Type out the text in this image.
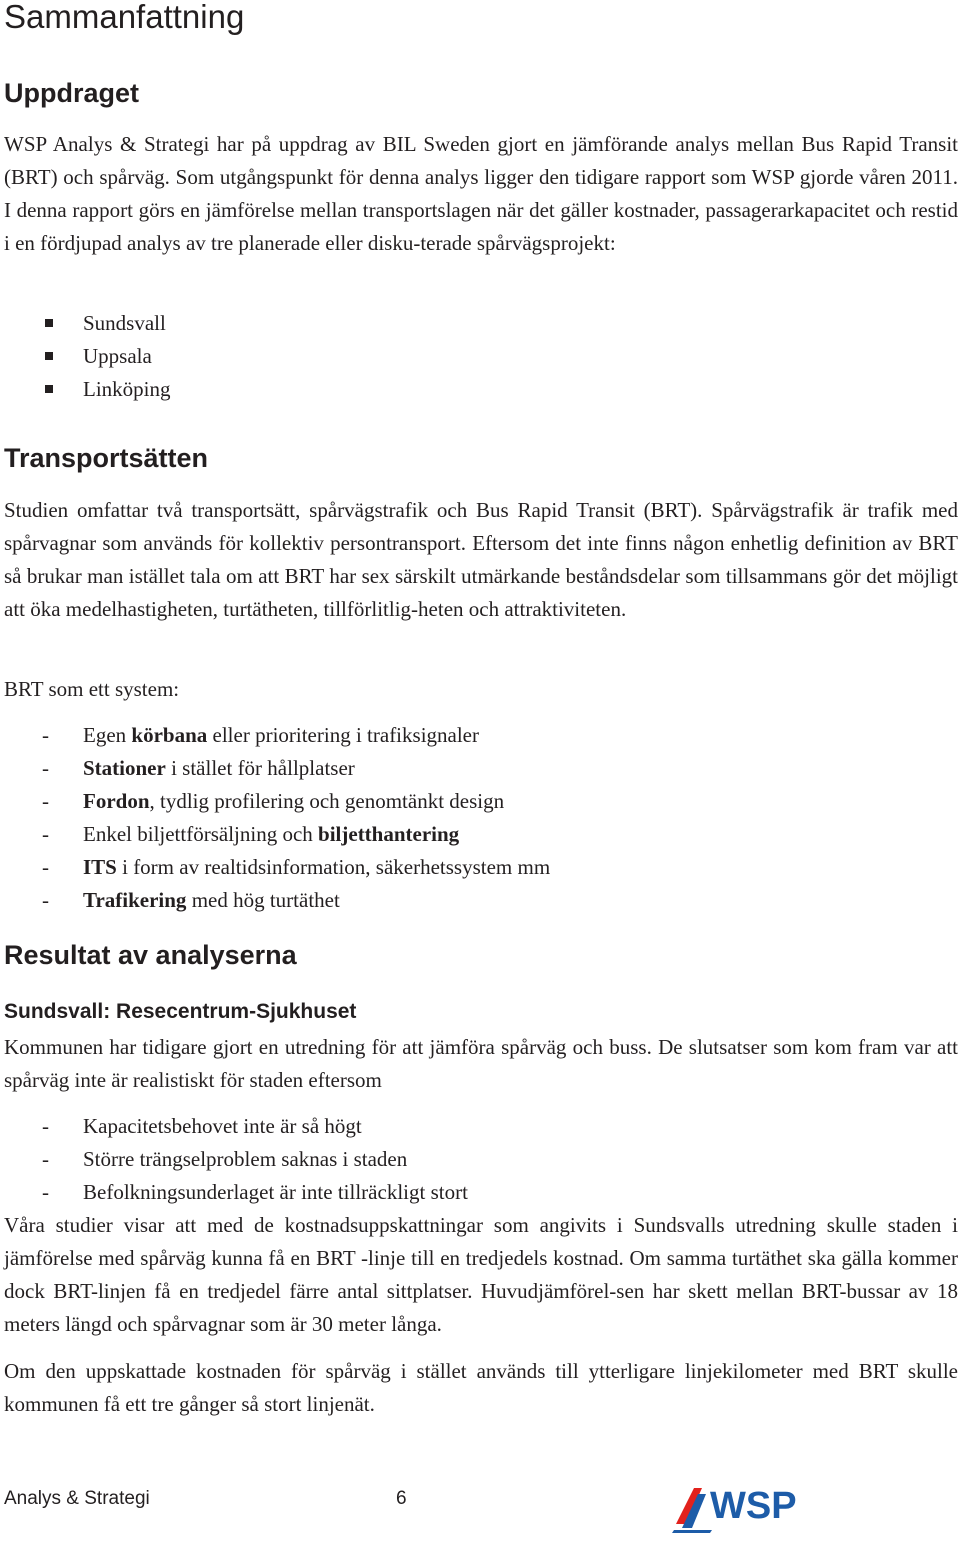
Sammanfattning
Uppdraget

WSP Analys & Strategi har på uppdrag av BIL Sweden gjort en jämförande analys mellan Bus Rapid Transit (BRT) och spårväg. Som utgångspunkt för denna analys ligger den tidigare rapport som WSP gjorde våren 2011. I denna rapport görs en jämförelse mellan transportslagen när det gäller kostnader, passagerarkapacitet och restid i en fördjupad analys av tre planerade eller disku-terade spårvägsprojekt:

Sundsvall
Uppsala
Linköping
Transportsätten

Studien omfattar två transportsätt, spårvägstrafik och Bus Rapid Transit (BRT). Spårvägstrafik är trafik med spårvagnar som används för kollektiv persontransport. Eftersom det inte finns någon enhetlig definition av BRT så brukar man istället tala om att BRT har sex särskilt utmärkande beståndsdelar som tillsammans gör det möjligt att öka medelhastigheten, turtätheten, tillförlitlig-heten och attraktiviteten.

BRT som ett system:

- Egen körbana eller prioritering i trafiksignaler
- Stationer i stället för hållplatser
- Fordon, tydlig profilering och genomtänkt design
- Enkel biljettförsäljning och biljetthantering
- ITS i form av realtidsinformation, säkerhetssystem mm
- Trafikering med hög turtäthet
Resultat av analyserna
Sundsvall: Resecentrum-Sjukhuset

Kommunen har tidigare gjort en utredning för att jämföra spårväg och buss. De slutsatser som kom fram var att spårväg inte är realistiskt för staden eftersom

- Kapacitetsbehovet inte är så högt
- Större trängselproblem saknas i staden
- Befolkningsunderlaget är inte tillräckligt stort

Våra studier visar att med de kostnadsuppskattningar som angivits i Sundsvalls utredning skulle staden i jämförelse med spårväg kunna få en BRT -linje till en tredjedels kostnad. Om samma turtäthet ska gälla kommer dock BRT-linjen få en tredjedel färre antal sittplatser. Huvudjämförel-sen har skett mellan BRT-bussar av 18 meters längd och spårvagnar som är 30 meter långa.

Om den uppskattade kostnaden för spårväg i stället används till ytterligare linjekilometer med BRT skulle kommunen få ett tre gånger så stort linjenät.

Analys & Strategi	6	WSP
